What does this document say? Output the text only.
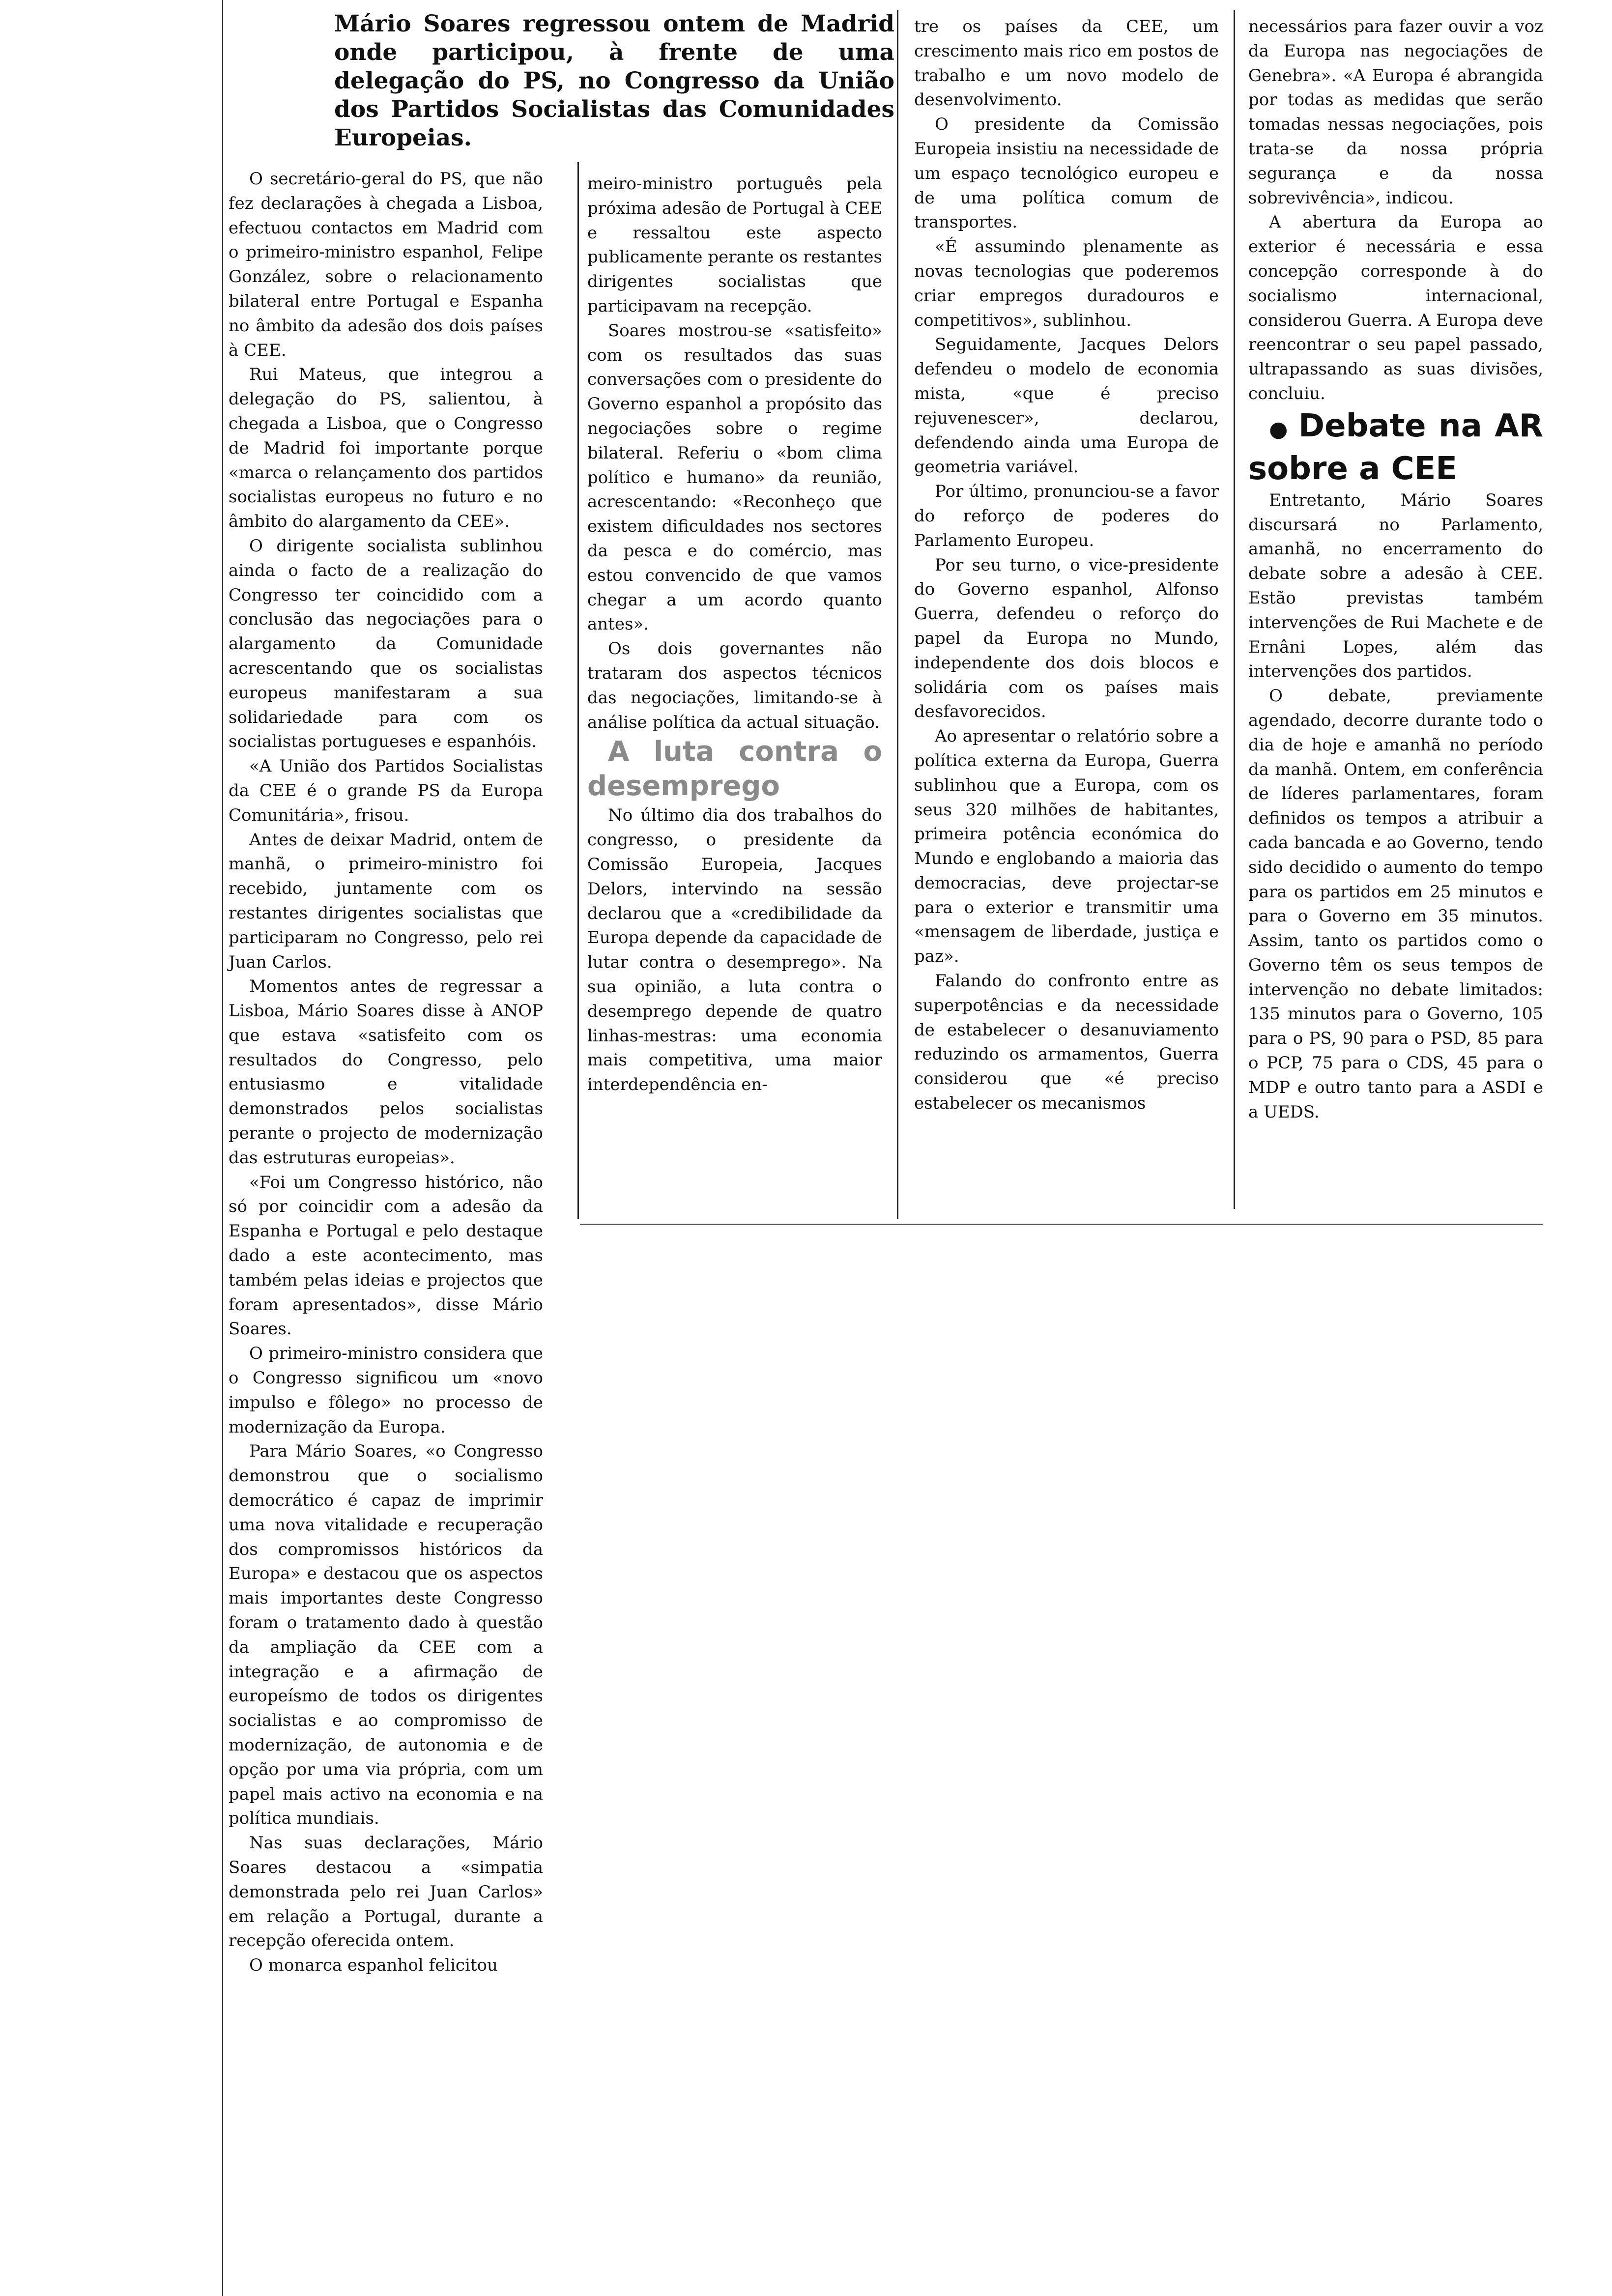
Mário Soares regressou ontem de Madrid onde participou, à frente de uma delegação do PS, no Congresso da União dos Partidos Socialistas das Comunidades Europeias.

O secretário-geral do PS, que não fez declarações à chegada a Lisboa, efectuou contactos em Madrid com o primeiro-ministro espanhol, Felipe González, sobre o relacionamento bilateral entre Portugal e Espanha no âmbito da adesão dos dois países à CEE.

Rui Mateus, que integrou a delegação do PS, salientou, à chegada a Lisboa, que o Congresso de Madrid foi importante porque «marca o relançamento dos partidos socialistas europeus no futuro e no âmbito do alargamento da CEE».

O dirigente socialista sublinhou ainda o facto de a realização do Congresso ter coincidido com a conclusão das negociações para o alargamento da Comunidade acrescentando que os socialistas europeus manifestaram a sua solidariedade para com os socialistas portugueses e espanhóis.

«A União dos Partidos Socialistas da CEE é o grande PS da Europa Comunitária», frisou.

Antes de deixar Madrid, ontem de manhã, o primeiro-ministro foi recebido, juntamente com os restantes dirigentes socialistas que participaram no Congresso, pelo rei Juan Carlos.

Momentos antes de regressar a Lisboa, Mário Soares disse à ANOP que estava «satisfeito com os resultados do Congresso, pelo entusiasmo e vitalidade demonstrados pelos socialistas perante o projecto de modernização das estruturas europeias».

«Foi um Congresso histórico, não só por coincidir com a adesão da Espanha e Portugal e pelo destaque dado a este acontecimento, mas também pelas ideias e projectos que foram apresentados», disse Mário Soares.

O primeiro-ministro considera que o Congresso significou um «novo impulso e fôlego» no processo de modernização da Europa.

Para Mário Soares, «o Congresso demonstrou que o socialismo democrático é capaz de imprimir uma nova vitalidade e recuperação dos compromissos históricos da Europa» e destacou que os aspectos mais importantes deste Congresso foram o tratamento dado à questão da ampliação da CEE com a integração e a afirmação de europeísmo de todos os dirigentes socialistas e ao compromisso de modernização, de autonomia e de opção por uma via própria, com um papel mais activo na economia e na política mundiais.

Nas suas declarações, Mário Soares destacou a «simpatia demonstrada pelo rei Juan Carlos» em relação a Portugal, durante a recepção oferecida ontem.

O monarca espanhol felicitou

meiro-ministro português pela próxima adesão de Portugal à CEE e ressaltou este aspecto publicamente perante os restantes dirigentes socialistas que participavam na recepção.

Soares mostrou-se «satisfeito» com os resultados das suas conversações com o presidente do Governo espanhol a propósito das negociações sobre o regime bilateral. Referiu o «bom clima político e humano» da reunião, acrescentando: «Reconheço que existem dificuldades nos sectores da pesca e do comércio, mas estou convencido de que vamos chegar a um acordo quanto antes».

Os dois governantes não trataram dos aspectos técnicos das negociações, limitando-se à análise política da actual situação.

A luta contra o desemprego

No último dia dos trabalhos do congresso, o presidente da Comissão Europeia, Jacques Delors, intervindo na sessão declarou que a «credibilidade da Europa depende da capacidade de lutar contra o desemprego». Na sua opinião, a luta contra o desemprego depende de quatro linhas-mestras: uma economia mais competitiva, uma maior interdependência en-

tre os países da CEE, um crescimento mais rico em postos de trabalho e um novo modelo de desenvolvimento.

O presidente da Comissão Europeia insistiu na necessidade de um espaço tecnológico europeu e de uma política comum de transportes.

«É assumindo plenamente as novas tecnologias que poderemos criar empregos duradouros e competitivos», sublinhou.

Seguidamente, Jacques Delors defendeu o modelo de economia mista, «que é preciso rejuvenescer», declarou, defendendo ainda uma Europa de geometria variável.

Por último, pronunciou-se a favor do reforço de poderes do Parlamento Europeu.

Por seu turno, o vice-presidente do Governo espanhol, Alfonso Guerra, defendeu o reforço do papel da Europa no Mundo, independente dos dois blocos e solidária com os países mais desfavorecidos.

Ao apresentar o relatório sobre a política externa da Europa, Guerra sublinhou que a Europa, com os seus 320 milhões de habitantes, primeira potência económica do Mundo e englobando a maioria das democracias, deve projectar-se para o exterior e transmitir uma «mensagem de liberdade, justiça e paz».

Falando do confronto entre as superpotências e da necessidade de estabelecer o desanuviamento reduzindo os armamentos, Guerra considerou que «é preciso estabelecer os mecanismos

necessários para fazer ouvir a voz da Europa nas negociações de Genebra». «A Europa é abrangida por todas as medidas que serão tomadas nessas negociações, pois trata-se da nossa própria segurança e da nossa sobrevivência», indicou.

A abertura da Europa ao exterior é necessária e essa concepção corresponde à do socialismo internacional, considerou Guerra. A Europa deve reencontrar o seu papel passado, ultrapassando as suas divisões, concluiu.

● Debate na AR sobre a CEE

Entretanto, Mário Soares discursará no Parlamento, amanhã, no encerramento do debate sobre a adesão à CEE. Estão previstas também intervenções de Rui Machete e de Ernâni Lopes, além das intervenções dos partidos.

O debate, previamente agendado, decorre durante todo o dia de hoje e amanhã no período da manhã. Ontem, em conferência de líderes parlamentares, foram definidos os tempos a atribuir a cada bancada e ao Governo, tendo sido decidido o aumento do tempo para os partidos em 25 minutos e para o Governo em 35 minutos. Assim, tanto os partidos como o Governo têm os seus tempos de intervenção no debate limitados: 135 minutos para o Governo, 105 para o PS, 90 para o PSD, 85 para o PCP, 75 para o CDS, 45 para o MDP e outro tanto para a ASDI e a UEDS.
